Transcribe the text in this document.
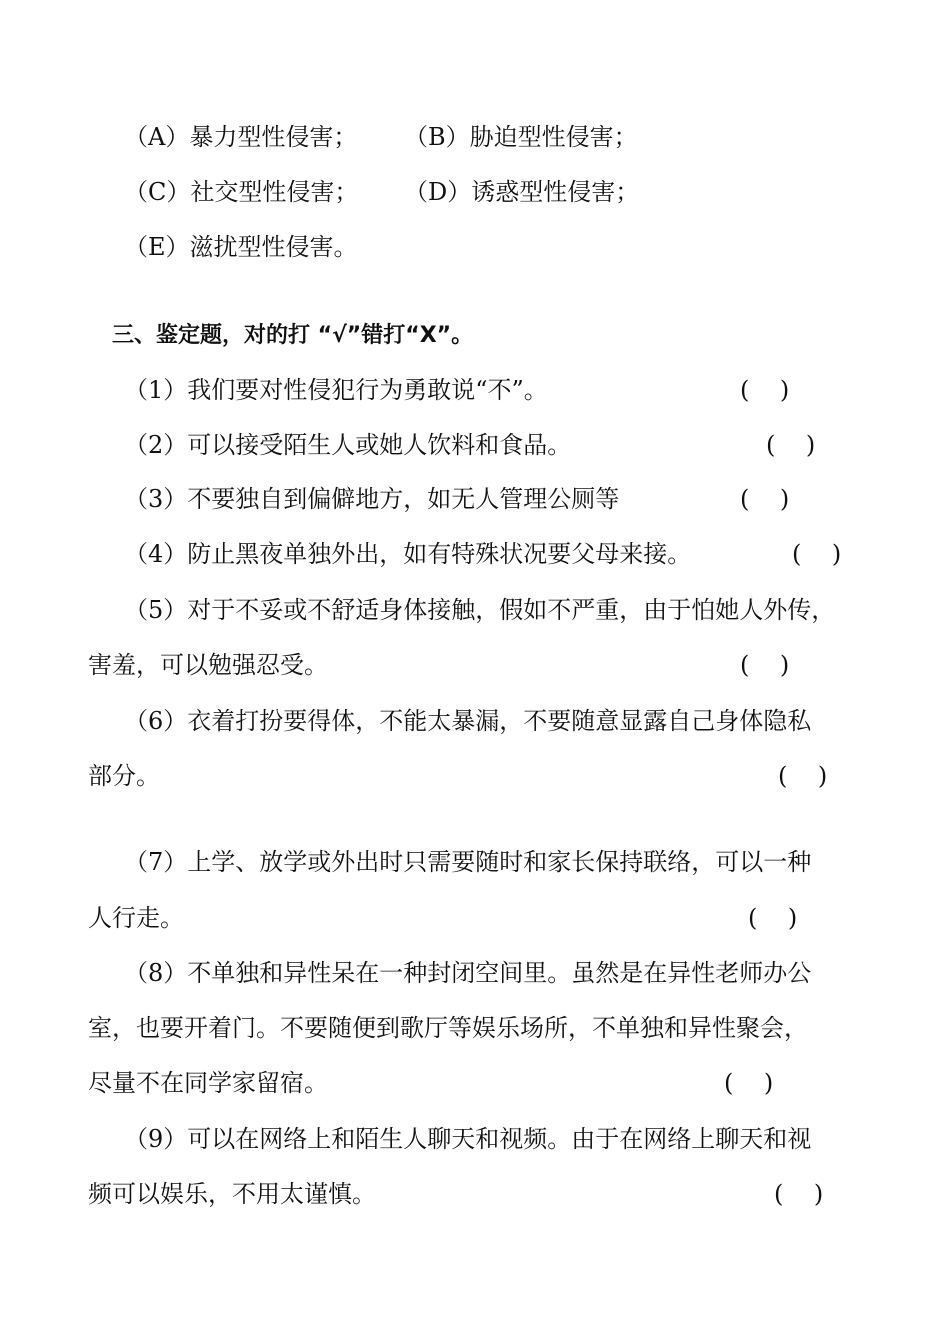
（A）暴力型性侵害； （B）胁迫型性侵害；
（C）社交型性侵害； （D）诱惑型性侵害；
（E）滋扰型性侵害。
三、鉴定题，对的打 “√”错打“X”。
（1）我们要对性侵犯行为勇敢说“不”。	(    )
（2）可以接受陌生人或她人饮料和食品。	(    )
（3）不要独自到偏僻地方，如无人管理公厕等	(    )
（4）防止黑夜单独外出，如有特殊状况要父母来接。	(    )
（5）对于不妥或不舒适身体接触，假如不严重，由于怕她人外传，
害羞，可以勉强忍受。	(    )
（6）衣着打扮要得体，不能太暴漏，不要随意显露自己身体隐私
部分。	(    )
（7）上学、放学或外出时只需要随时和家长保持联络，可以一种
人行走。	(    )
（8）不单独和异性呆在一种封闭空间里。虽然是在异性老师办公
室，也要开着门。不要随便到歌厅等娱乐场所，不单独和异性聚会，
尽量不在同学家留宿。	(    )
（9）可以在网络上和陌生人聊天和视频。由于在网络上聊天和视
频可以娱乐，不用太谨慎。	(    )
